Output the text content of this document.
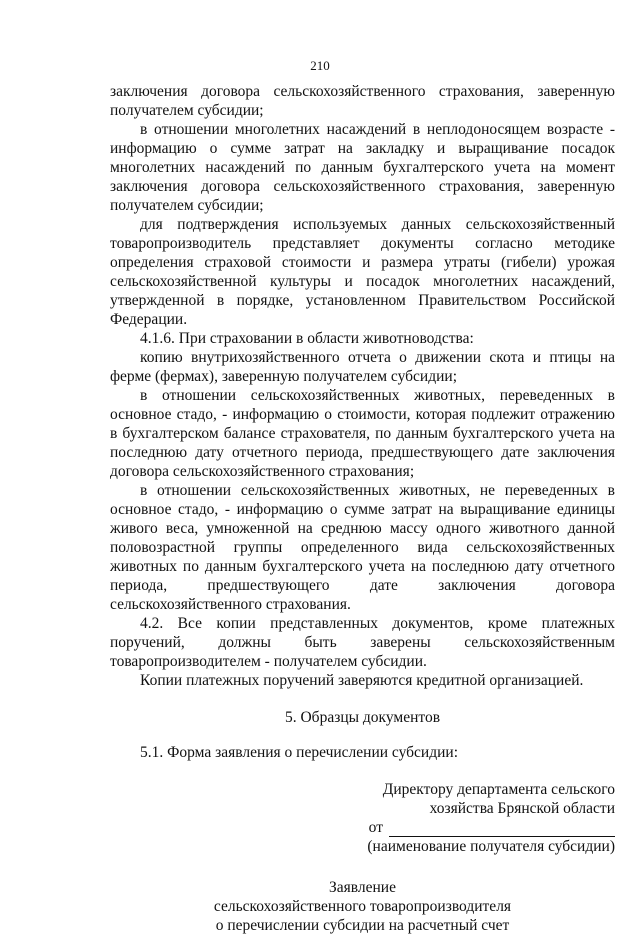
210

заключения договора сельскохозяйственного страхования, заверенную получателем субсидии;

в отношении многолетних насаждений в неплодоносящем возрасте - информацию о сумме затрат на закладку и выращивание посадок многолетних насаждений по данным бухгалтерского учета на момент заключения договора сельскохозяйственного страхования, заверенную получателем субсидии;

для подтверждения используемых данных сельскохозяйственный товаропроизводитель представляет документы согласно методике определения страховой стоимости и размера утраты (гибели) урожая сельскохозяйственной культуры и посадок многолетних насаждений, утвержденной в порядке, установленном Правительством Российской Федерации.

4.1.6. При страховании в области животноводства:

копию внутрихозяйственного отчета о движении скота и птицы на ферме (фермах), заверенную получателем субсидии;

в отношении сельскохозяйственных животных, переведенных в основное стадо, - информацию о стоимости, которая подлежит отражению в бухгалтерском балансе страхователя, по данным бухгалтерского учета на последнюю дату отчетного периода, предшествующего дате заключения договора сельскохозяйственного страхования;

в отношении сельскохозяйственных животных, не переведенных в основное стадо, - информацию о сумме затрат на выращивание единицы живого веса, умноженной на среднюю массу одного животного данной половозрастной группы определенного вида сельскохозяйственных животных по данным бухгалтерского учета на последнюю дату отчетного периода, предшествующего дате заключения договора сельскохозяйственного страхования.

4.2. Все копии представленных документов, кроме платежных поручений, должны быть заверены сельскохозяйственным товаропроизводителем - получателем субсидии.

Копии платежных поручений заверяются кредитной организацией.

5. Образцы документов

5.1. Форма заявления о перечислении субсидии:

Директору департамента сельского
хозяйства Брянской области
от
(наименование получателя субсидии)
Заявление
сельскохозяйственного товаропроизводителя
о перечислении субсидии на расчетный счет
